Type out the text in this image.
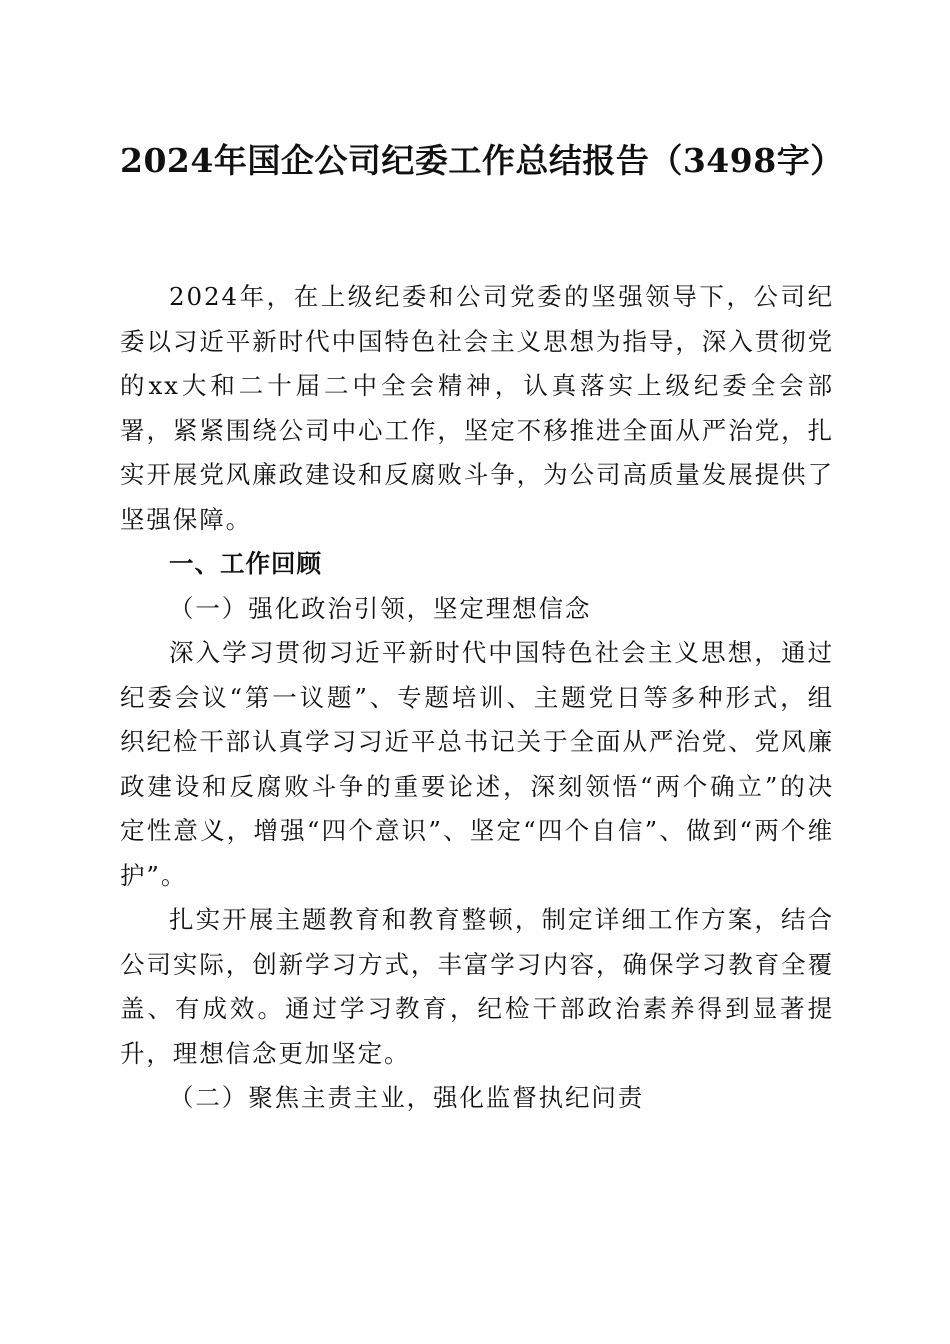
2024年国企公司纪委工作总结报告（3498字）

2024年，在上级纪委和公司党委的坚强领导下，公司纪委以习近平新时代中国特色社会主义思想为指导，深入贯彻党的xx大和二十届二中全会精神，认真落实上级纪委全会部署，紧紧围绕公司中心工作，坚定不移推进全面从严治党，扎实开展党风廉政建设和反腐败斗争，为公司高质量发展提供了坚强保障。

一、工作回顾

（一）强化政治引领，坚定理想信念

深入学习贯彻习近平新时代中国特色社会主义思想，通过纪委会议“第一议题”、专题培训、主题党日等多种形式，组织纪检干部认真学习习近平总书记关于全面从严治党、党风廉政建设和反腐败斗争的重要论述，深刻领悟“两个确立”的决定性意义，增强“四个意识”、坚定“四个自信”、做到“两个维护”。

扎实开展主题教育和教育整顿，制定详细工作方案，结合公司实际，创新学习方式，丰富学习内容，确保学习教育全覆盖、有成效。通过学习教育，纪检干部政治素养得到显著提升，理想信念更加坚定。

（二）聚焦主责主业，强化监督执纪问责
